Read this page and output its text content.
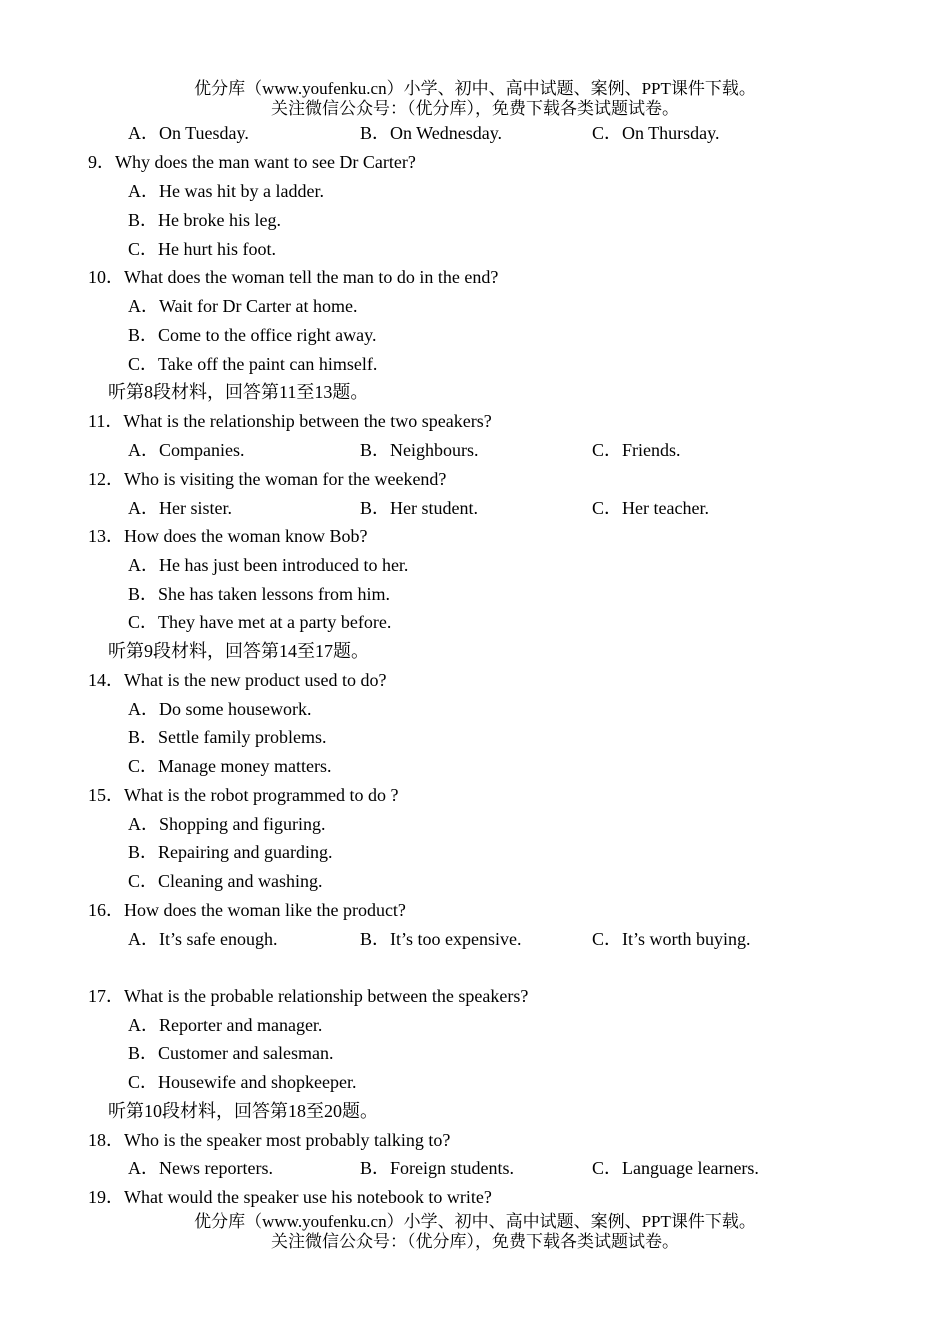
优分库（www.youfenku.cn）小学、初中、高中试题、案例、PPT课件下载。
关注微信公众号：（优分库），免费下载各类试题试卷。
A．On Tuesday.	B．On Wednesday.	C．On Thursday.
9．Why does the man want to see Dr Carter?
A．He was hit by a ladder.
B．He broke his leg.
C．He hurt his foot.
10．What does the woman tell the man to do in the end?
A．Wait for Dr Carter at home.
B．Come to the office right away.
C．Take off the paint can himself.
听第8段材料，回答第11至13题。
11．What is the relationship between the two speakers?
A．Companies.	B．Neighbours.	C．Friends.
12．Who is visiting the woman for the weekend?
A．Her sister.	B．Her student.	C．Her teacher.
13．How does the woman know Bob?
A．He has just been introduced to her.
B．She has taken lessons from him.
C．They have met at a party before.
听第9段材料，回答第14至17题。
14．What is the new product used to do?
A．Do some housework.
B．Settle family problems.
C．Manage money matters.
15．What is the robot programmed to do ?
A．Shopping and figuring.
B．Repairing and guarding.
C．Cleaning and washing.
16．How does the woman like the product?
A．It’s safe enough.	B．It’s too expensive.	C．It’s worth buying.
17．What is the probable relationship between the speakers?
A．Reporter and manager.
B．Customer and salesman.
C．Housewife and shopkeeper.
听第10段材料，回答第18至20题。
18．Who is the speaker most probably talking to?
A．News reporters.	B．Foreign students.	C．Language learners.
19．What would the speaker use his notebook to write?
优分库（www.youfenku.cn）小学、初中、高中试题、案例、PPT课件下载。
关注微信公众号：（优分库），免费下载各类试题试卷。
